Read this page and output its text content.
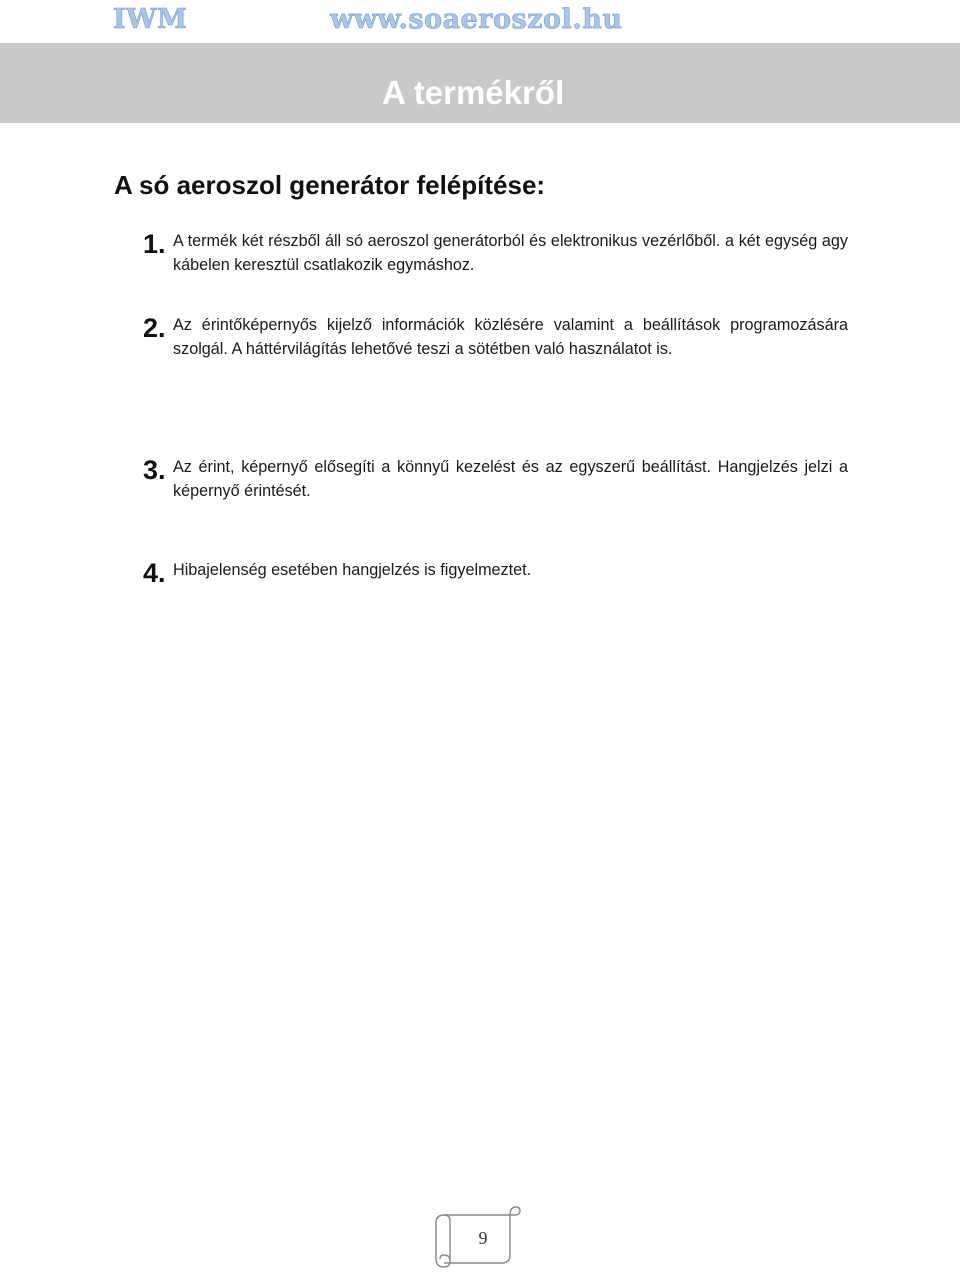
IWM	www.soaeroszol.hu
A termékről
A só aeroszol generátor felépítése:
1. A termék két részből áll só aeroszol generátorból és elektronikus vezérlőből. a két egység agy kábelen keresztül csatlakozik egymáshoz.
2. Az érintőképernyős kijelző információk közlésére valamint a beállítások programozására szolgál. A háttérvilágítás lehetővé teszi a sötétben való használatot is.
3. Az érint, képernyő elősegíti a könnyű kezelést és az egyszerű beállítást. Hangjelzés jelzi a képernyő érintését.
4. Hibajelenség esetében hangjelzés is figyelmeztet.
9
